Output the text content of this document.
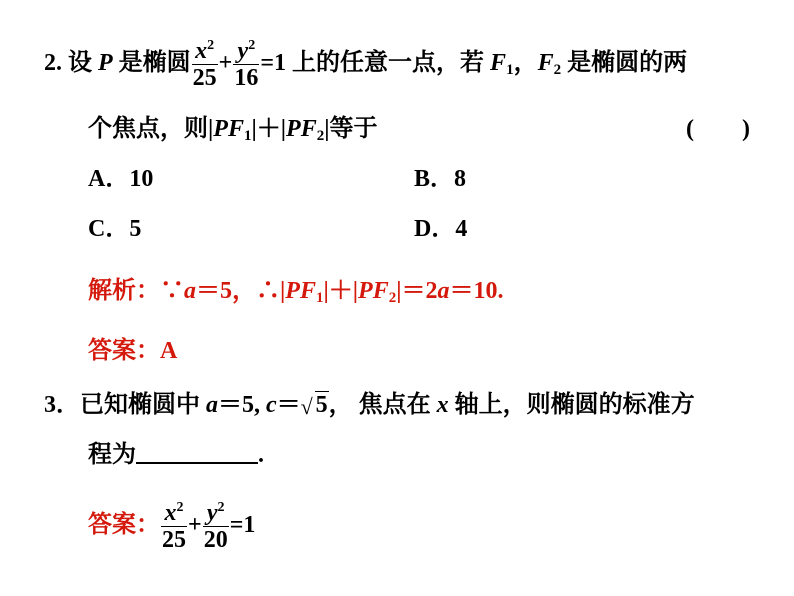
2. 设 P 是椭圆 $\frac{x^2}{25} + \frac{y^2}{16} =1$ 上的任意一点，若 $F_1$，$F_2$ 是椭圆的两
个焦点，则$|PF_1|+|PF_2|$等于	(　　)
A．10	B．8
C．5	D．4
解析：∵a＝5，$\therefore|PF_1|+|PF_2|=2a=10$.
答案：A
3．已知椭圆中 a＝5, c＝ √ 5， 焦点在 x 轴上，则椭圆的标准方
程为	.
答案： $\frac{x^2}{25} + \frac{y^2}{20} =1$
